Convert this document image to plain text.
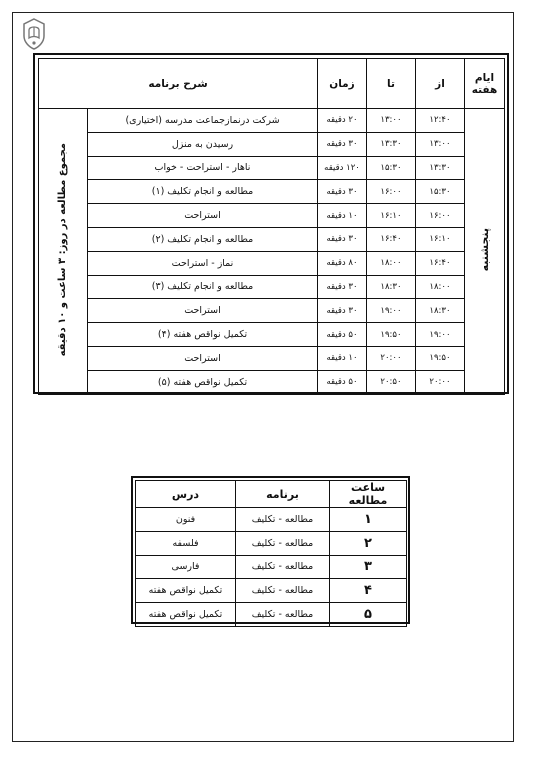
ایام هفته	از	تا	زمان	شرح برنامه	
پنجشنبه	۱۲:۴۰	۱۳:۰۰	۲۰ دقیقه	شرکت درنمازجماعت مدرسه (اختیاری)	مجموع مطالعه در روز: ۳ ساعت و ۱۰ دقیقه
	۱۳:۰۰	۱۳:۳۰	۳۰ دقیقه	رسیدن به منزل	
	۱۳:۳۰	۱۵:۳۰	۱۲۰ دقیقه	ناهار - استراحت - خواب	
	۱۵:۳۰	۱۶:۰۰	۳۰ دقیقه	مطالعه و انجام تکلیف (۱)	
	۱۶:۰۰	۱۶:۱۰	۱۰ دقیقه	استراحت	
	۱۶:۱۰	۱۶:۴۰	۳۰ دقیقه	مطالعه و انجام تکلیف (۲)	
	۱۶:۴۰	۱۸:۰۰	۸۰ دقیقه	نماز - استراحت	
	۱۸:۰۰	۱۸:۳۰	۳۰ دقیقه	مطالعه و انجام تکلیف (۳)	
	۱۸:۳۰	۱۹:۰۰	۳۰ دقیقه	استراحت	
	۱۹:۰۰	۱۹:۵۰	۵۰ دقیقه	تکمیل نواقص هفته (۴)	
	۱۹:۵۰	۲۰:۰۰	۱۰ دقیقه	استراحت	
	۲۰:۰۰	۲۰:۵۰	۵۰ دقیقه	تکمیل نواقص هفته (۵)	
ساعت مطالعه	برنامه	درس
۱	مطالعه - تکلیف	فنون
۲	مطالعه - تکلیف	فلسفه
۳	مطالعه - تکلیف	فارسی
۴	مطالعه - تکلیف	تکمیل نواقص هفته
۵	مطالعه - تکلیف	تکمیل نواقص هفته
